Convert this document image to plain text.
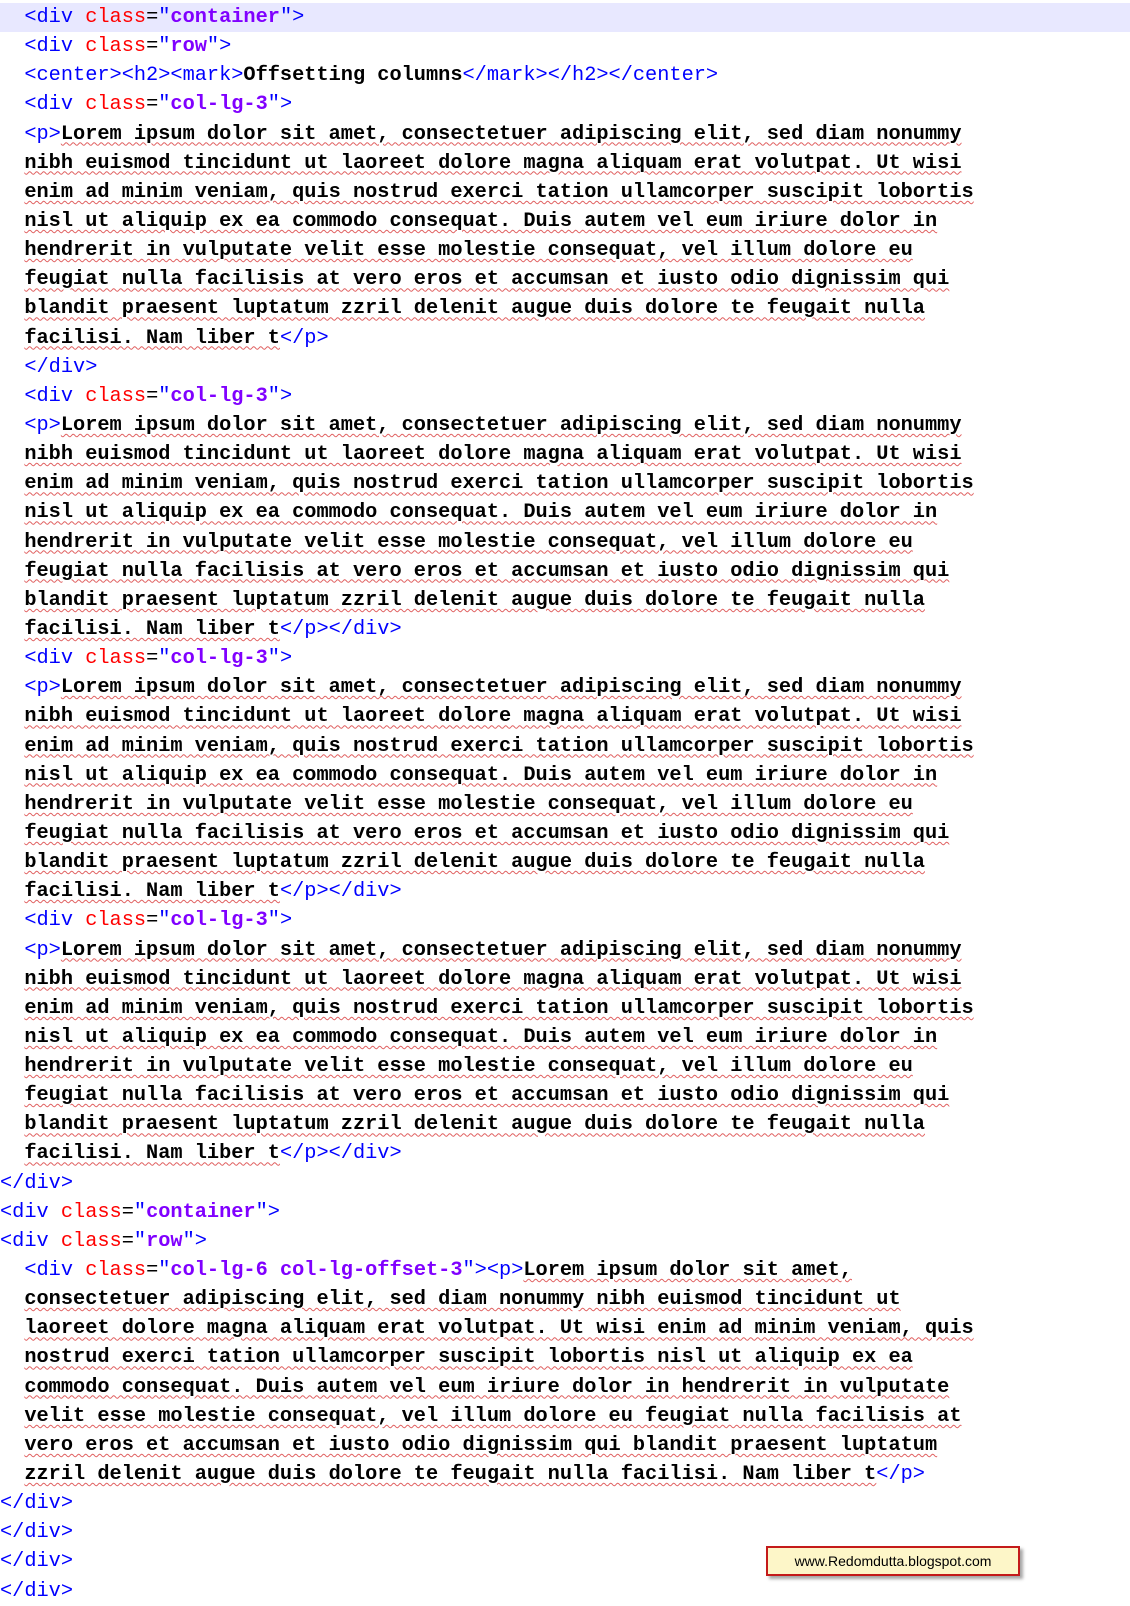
<div class="container">
<div class="row">
<center><h2><mark>Offsetting columns</mark></h2></center>
<div class="col-lg-3">
<p>Lorem ipsum dolor sit amet, consectetuer adipiscing elit, sed diam nonummy
nibh euismod tincidunt ut laoreet dolore magna aliquam erat volutpat. Ut wisi
enim ad minim veniam, quis nostrud exerci tation ullamcorper suscipit lobortis
nisl ut aliquip ex ea commodo consequat. Duis autem vel eum iriure dolor in
hendrerit in vulputate velit esse molestie consequat, vel illum dolore eu
feugiat nulla facilisis at vero eros et accumsan et iusto odio dignissim qui
blandit praesent luptatum zzril delenit augue duis dolore te feugait nulla
facilisi. Nam liber t</p>
</div>
<div class="col-lg-3">
<p>Lorem ipsum dolor sit amet, consectetuer adipiscing elit, sed diam nonummy
nibh euismod tincidunt ut laoreet dolore magna aliquam erat volutpat. Ut wisi
enim ad minim veniam, quis nostrud exerci tation ullamcorper suscipit lobortis
nisl ut aliquip ex ea commodo consequat. Duis autem vel eum iriure dolor in
hendrerit in vulputate velit esse molestie consequat, vel illum dolore eu
feugiat nulla facilisis at vero eros et accumsan et iusto odio dignissim qui
blandit praesent luptatum zzril delenit augue duis dolore te feugait nulla
facilisi. Nam liber t</p></div>
<div class="col-lg-3">
<p>Lorem ipsum dolor sit amet, consectetuer adipiscing elit, sed diam nonummy
nibh euismod tincidunt ut laoreet dolore magna aliquam erat volutpat. Ut wisi
enim ad minim veniam, quis nostrud exerci tation ullamcorper suscipit lobortis
nisl ut aliquip ex ea commodo consequat. Duis autem vel eum iriure dolor in
hendrerit in vulputate velit esse molestie consequat, vel illum dolore eu
feugiat nulla facilisis at vero eros et accumsan et iusto odio dignissim qui
blandit praesent luptatum zzril delenit augue duis dolore te feugait nulla
facilisi. Nam liber t</p></div>
<div class="col-lg-3">
<p>Lorem ipsum dolor sit amet, consectetuer adipiscing elit, sed diam nonummy
nibh euismod tincidunt ut laoreet dolore magna aliquam erat volutpat. Ut wisi
enim ad minim veniam, quis nostrud exerci tation ullamcorper suscipit lobortis
nisl ut aliquip ex ea commodo consequat. Duis autem vel eum iriure dolor in
hendrerit in vulputate velit esse molestie consequat, vel illum dolore eu
feugiat nulla facilisis at vero eros et accumsan et iusto odio dignissim qui
blandit praesent luptatum zzril delenit augue duis dolore te feugait nulla
facilisi. Nam liber t</p></div>
</div>
<div class="container">
<div class="row">
<div class="col-lg-6 col-lg-offset-3"><p>Lorem ipsum dolor sit amet,
consectetuer adipiscing elit, sed diam nonummy nibh euismod tincidunt ut
laoreet dolore magna aliquam erat volutpat. Ut wisi enim ad minim veniam, quis
nostrud exerci tation ullamcorper suscipit lobortis nisl ut aliquip ex ea
commodo consequat. Duis autem vel eum iriure dolor in hendrerit in vulputate
velit esse molestie consequat, vel illum dolore eu feugiat nulla facilisis at
vero eros et accumsan et iusto odio dignissim qui blandit praesent luptatum
zzril delenit augue duis dolore te feugait nulla facilisi. Nam liber t</p>
</div>
</div>
</div>
</div>
www.Redomdutta.blogspot.com
